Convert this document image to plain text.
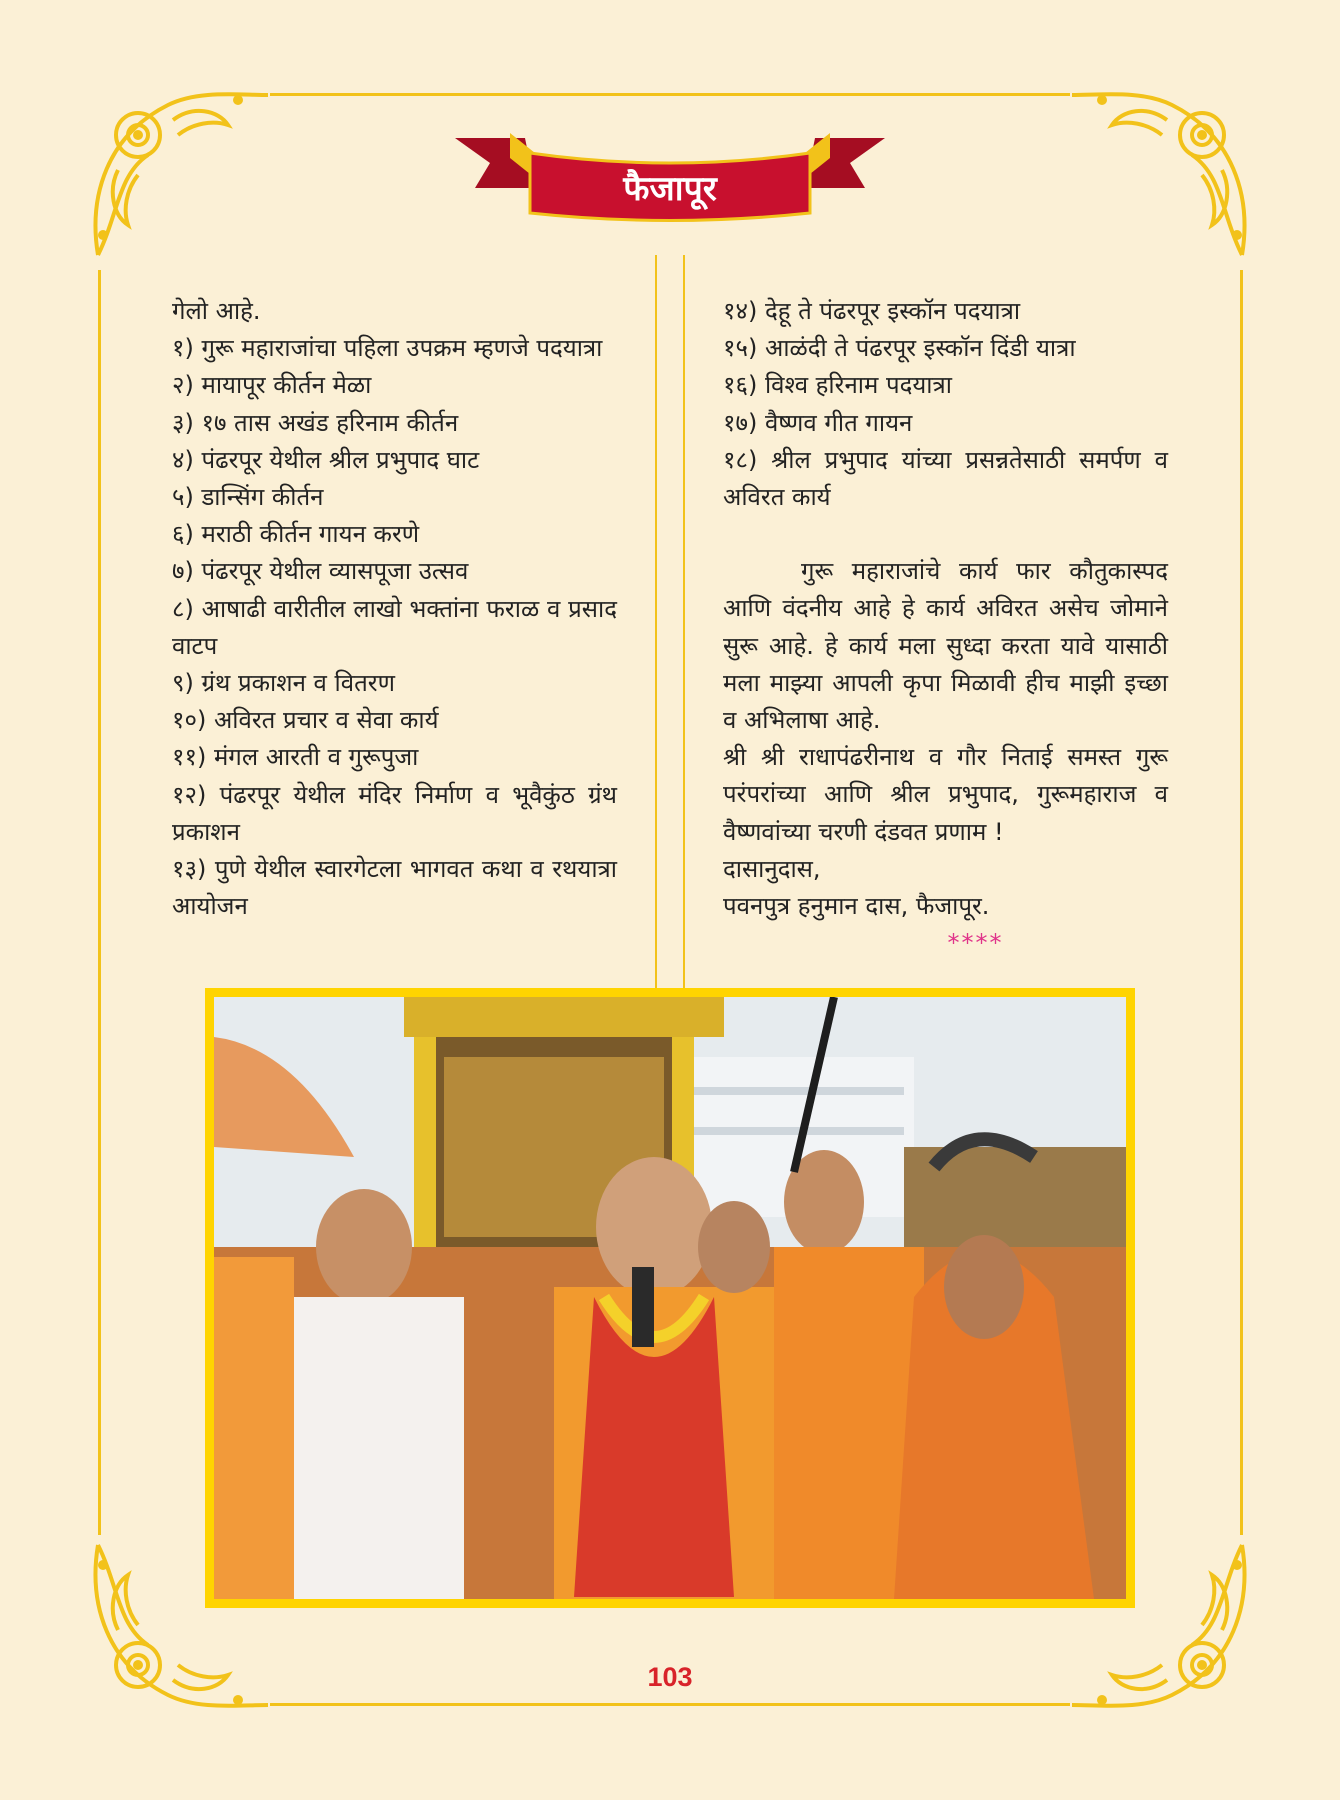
फैजापूर

गेलो आहे.

१) गुरू महाराजांचा पहिला उपक्रम म्हणजे पदयात्रा

२) मायापूर कीर्तन मेळा

३) १७ तास अखंड हरिनाम कीर्तन

४) पंढरपूर येथील श्रील प्रभुपाद घाट

५) डान्सिंग कीर्तन

६) मराठी कीर्तन गायन करणे

७) पंढरपूर येथील व्यासपूजा उत्सव

८) आषाढी वारीतील लाखो भक्तांना फराळ व प्रसाद वाटप

९) ग्रंथ प्रकाशन व वितरण

१०) अविरत प्रचार व सेवा कार्य

११) मंगल आरती व गुरूपुजा

१२) पंढरपूर येथील मंदिर निर्माण व भूवैकुंठ ग्रंथ प्रकाशन

१३) पुणे येथील स्वारगेटला भागवत कथा व रथयात्रा आयोजन

१४) देहू ते पंढरपूर इस्कॉन पदयात्रा

१५) आळंदी ते पंढरपूर इस्कॉन दिंडी यात्रा

१६) विश्व हरिनाम पदयात्रा

१७) वैष्णव गीत गायन

१८) श्रील प्रभुपाद यांच्या प्रसन्नतेसाठी समर्पण व अविरत कार्य

गुरू महाराजांचे कार्य फार कौतुकास्पद आणि वंदनीय आहे हे कार्य अविरत असेच जोमाने सुरू आहे. हे कार्य मला सुध्दा करता यावे यासाठी मला माझ्या आपली कृपा मिळावी हीच माझी इच्छा व अभिलाषा आहे.

श्री श्री राधापंढरीनाथ व गौर निताई समस्त गुरू परंपरांच्या आणि श्रील प्रभुपाद, गुरूमहाराज व वैष्णवांच्या चरणी दंडवत प्रणाम !

दासानुदास,

पवनपुत्र हनुमान दास, फैजापूर.

****
103
